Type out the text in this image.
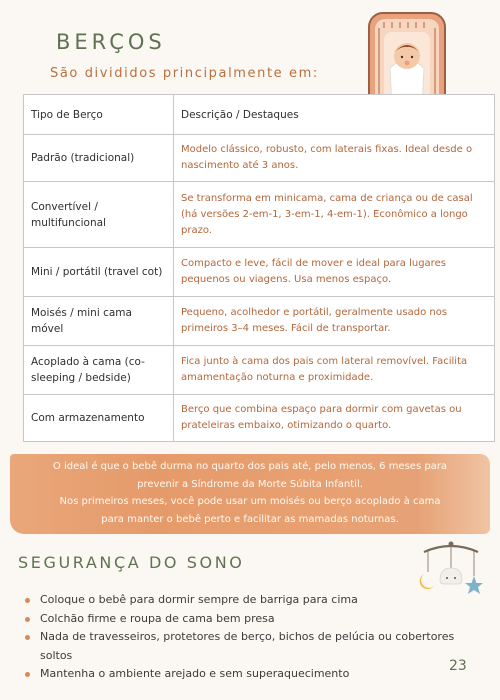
BERÇOS
São divididos principalmente em:
Tipo de Berço	Descrição / Destaques
Padrão (tradicional)	Modelo clássico, robusto, com laterais fixas. Ideal desde o nascimento até 3 anos.
Convertível / multifuncional	Se transforma em minicama, cama de criança ou de casal (há versões 2-em-1, 3-em-1, 4-em-1). Econômico a longo prazo.
Mini / portátil (travel cot)	Compacto e leve, fácil de mover e ideal para lugares pequenos ou viagens. Usa menos espaço.
Moisés / mini cama móvel	Pequeno, acolhedor e portátil, geralmente usado nos primeiros 3–4 meses. Fácil de transportar.
Acoplado à cama (co-sleeping / bedside)	Fica junto à cama dos pais com lateral removível. Facilita amamentação noturna e proximidade.
Com armazenamento	Berço que combina espaço para dormir com gavetas ou prateleiras embaixo, otimizando o quarto.
O ideal é que o bebê durma no quarto dos pais até, pelo menos, 6 meses para
prevenir a Síndrome da Morte Súbita Infantil.
Nos primeiros meses, você pode usar um moisés ou berço acoplado à cama
para manter o bebê perto e facilitar as mamadas noturnas.
SEGURANÇA DO SONO
Coloque o bebê para dormir sempre de barriga para cima
Colchão firme e roupa de cama bem presa
Nada de travesseiros, protetores de berço, bichos de pelúcia ou cobertores soltos
Mantenha o ambiente arejado e sem superaquecimento	23
